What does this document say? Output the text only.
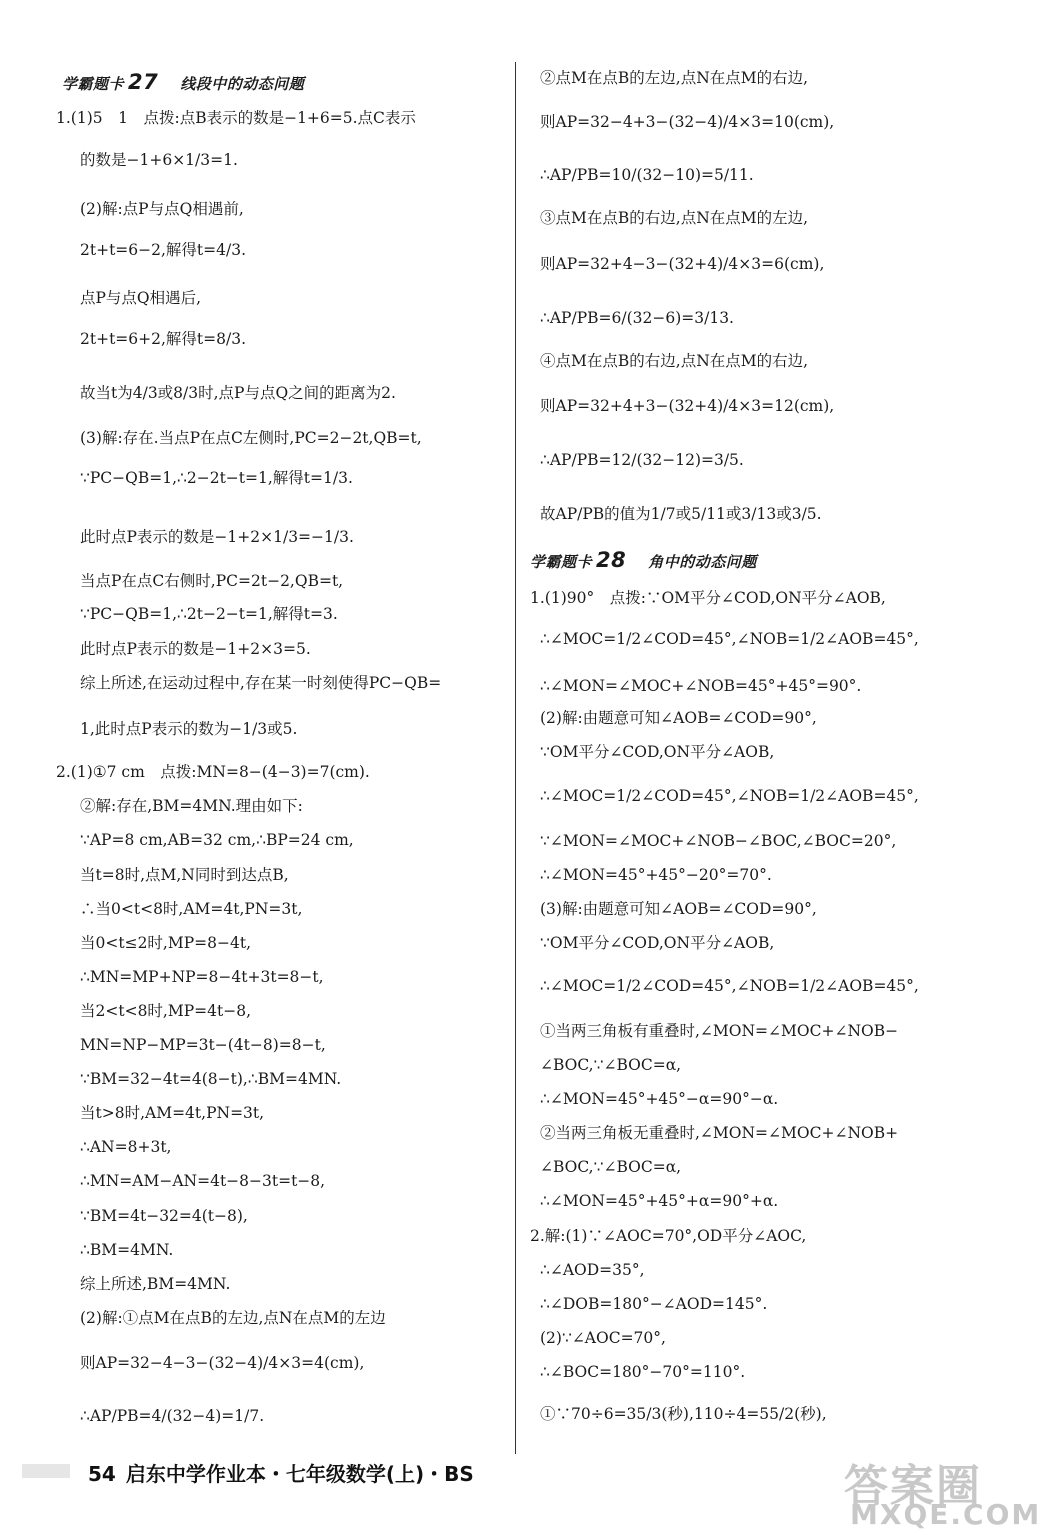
学霸题卡 27 线段中的动态问题
1.(1)5　1　点拨:点B表示的数是−1+6=5.点C表示
的数是−1+6×1/3=1.
(2)解:点P与点Q相遇前,
2t+t=6−2,解得t=4/3.
点P与点Q相遇后,
2t+t=6+2,解得t=8/3.
故当t为4/3或8/3时,点P与点Q之间的距离为2.
(3)解:存在.当点P在点C左侧时,PC=2−2t,QB=t,
∵PC−QB=1,∴2−2t−t=1,解得t=1/3.
此时点P表示的数是−1+2×1/3=−1/3.
当点P在点C右侧时,PC=2t−2,QB=t,
∵PC−QB=1,∴2t−2−t=1,解得t=3.
此时点P表示的数是−1+2×3=5.
综上所述,在运动过程中,存在某一时刻使得PC−QB=
1,此时点P表示的数为−1/3或5.
2.(1)①7 cm　点拨:MN=8−(4−3)=7(cm).
②解:存在,BM=4MN.理由如下:
∵AP=8 cm,AB=32 cm,∴BP=24 cm,
当t=8时,点M,N同时到达点B,
∴当0<t<8时,AM=4t,PN=3t,
当0<t≤2时,MP=8−4t,
∴MN=MP+NP=8−4t+3t=8−t,
当2<t<8时,MP=4t−8,
MN=NP−MP=3t−(4t−8)=8−t,
∵BM=32−4t=4(8−t),∴BM=4MN.
当t>8时,AM=4t,PN=3t,
∴AN=8+3t,
∴MN=AM−AN=4t−8−3t=t−8,
∵BM=4t−32=4(t−8),
∴BM=4MN.
综上所述,BM=4MN.
(2)解:①点M在点B的左边,点N在点M的左边
则AP=32−4−3−(32−4)/4×3=4(cm),
∴AP/PB=4/(32−4)=1/7.
②点M在点B的左边,点N在点M的右边,
则AP=32−4+3−(32−4)/4×3=10(cm),
∴AP/PB=10/(32−10)=5/11.
③点M在点B的右边,点N在点M的左边,
则AP=32+4−3−(32+4)/4×3=6(cm),
∴AP/PB=6/(32−6)=3/13.
④点M在点B的右边,点N在点M的右边,
则AP=32+4+3−(32+4)/4×3=12(cm),
∴AP/PB=12/(32−12)=3/5.
故AP/PB的值为1/7或5/11或3/13或3/5.
学霸题卡 28 角中的动态问题
1.(1)90°　点拨:∵OM平分∠COD,ON平分∠AOB,
∴∠MOC=1/2∠COD=45°,∠NOB=1/2∠AOB=45°,
∴∠MON=∠MOC+∠NOB=45°+45°=90°.
(2)解:由题意可知∠AOB=∠COD=90°,
∵OM平分∠COD,ON平分∠AOB,
∴∠MOC=1/2∠COD=45°,∠NOB=1/2∠AOB=45°,
∵∠MON=∠MOC+∠NOB−∠BOC,∠BOC=20°,
∴∠MON=45°+45°−20°=70°.
(3)解:由题意可知∠AOB=∠COD=90°,
∵OM平分∠COD,ON平分∠AOB,
∴∠MOC=1/2∠COD=45°,∠NOB=1/2∠AOB=45°,
①当两三角板有重叠时,∠MON=∠MOC+∠NOB−
∠BOC,∵∠BOC=α,
∴∠MON=45°+45°−α=90°−α.
②当两三角板无重叠时,∠MON=∠MOC+∠NOB+
∠BOC,∵∠BOC=α,
∴∠MON=45°+45°+α=90°+α.
2.解:(1)∵∠AOC=70°,OD平分∠AOC,
∴∠AOD=35°,
∴∠DOB=180°−∠AOD=145°.
(2)∵∠AOC=70°,
∴∠BOC=180°−70°=110°.
①∵70÷6=35/3(秒),110÷4=55/2(秒),
54 启东中学作业本・七年级数学(上)・BS	答案圈
MXQE.COM
